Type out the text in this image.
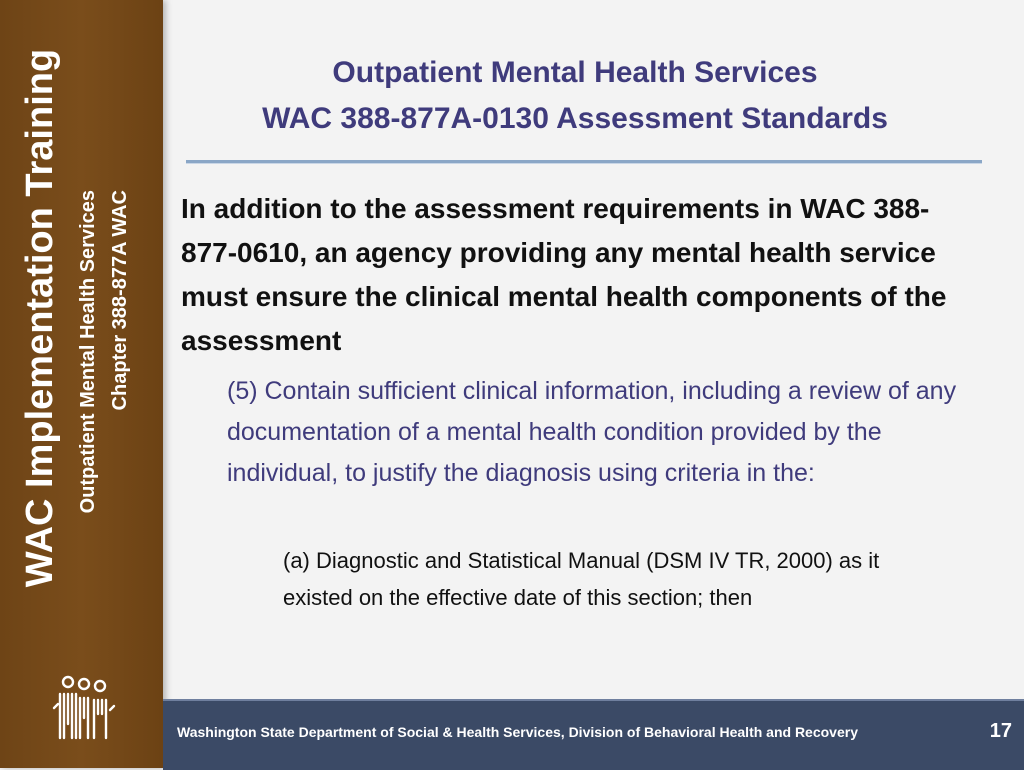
WAC Implementation Training Outpatient Mental Health Services Chapter 388-877A WAC
Outpatient Mental Health Services
WAC 388-877A-0130 Assessment Standards
In addition to the assessment requirements in WAC 388-877-0610, an agency providing any mental health service must ensure the clinical mental health components of the assessment
(5) Contain sufficient clinical information, including a review of any documentation of a mental health condition provided by the individual, to justify the diagnosis using criteria in the:
(a) Diagnostic and Statistical Manual (DSM IV TR, 2000) as it existed on the effective date of this section; then
Washington State Department of Social & Health Services, Division of Behavioral Health and Recovery	17
